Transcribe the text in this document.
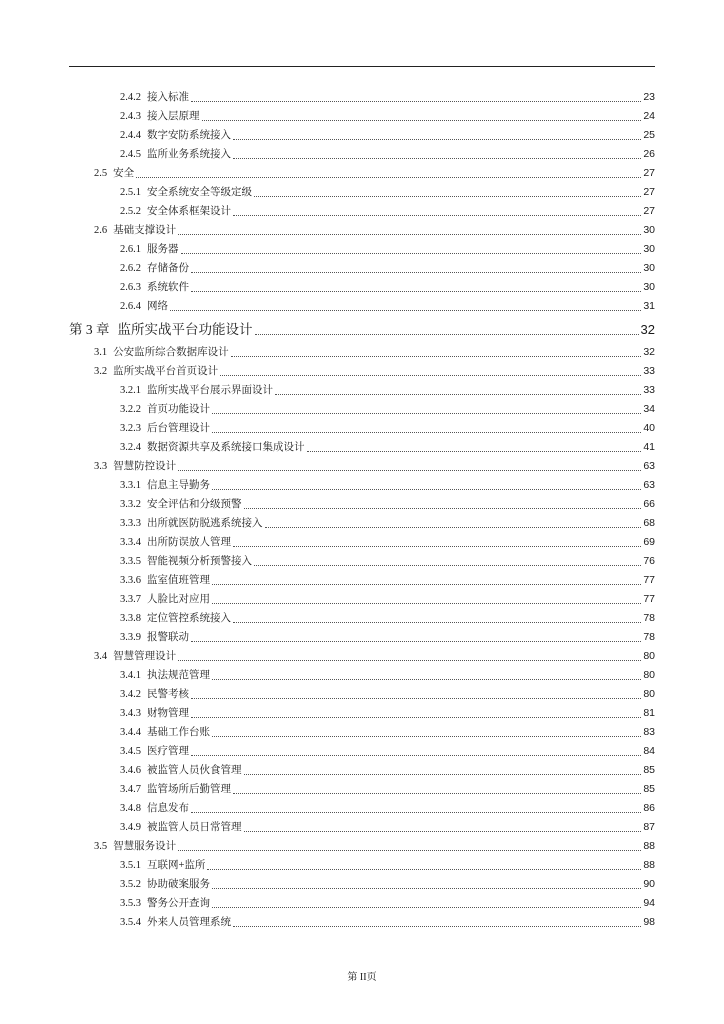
2.4.2 接入标准	23
2.4.3 接入层原理	24
2.4.4 数字安防系统接入	25
2.4.5 监所业务系统接入	26
2.5 安全	27
2.5.1 安全系统安全等级定级	27
2.5.2 安全体系框架设计	27
2.6 基础支撑设计	30
2.6.1 服务器	30
2.6.2 存储备份	30
2.6.3 系统软件	30
2.6.4 网络	31
第 3 章 监所实战平台功能设计	32
3.1 公安监所综合数据库设计	32
3.2 监所实战平台首页设计	33
3.2.1 监所实战平台展示界面设计	33
3.2.2 首页功能设计	34
3.2.3 后台管理设计	40
3.2.4 数据资源共享及系统接口集成设计	41
3.3 智慧防控设计	63
3.3.1 信息主导勤务	63
3.3.2 安全评估和分级预警	66
3.3.3 出所就医防脱逃系统接入	68
3.3.4 出所防误放人管理	69
3.3.5 智能视频分析预警接入	76
3.3.6 监室值班管理	77
3.3.7 人脸比对应用	77
3.3.8 定位管控系统接入	78
3.3.9 报警联动	78
3.4 智慧管理设计	80
3.4.1 执法规范管理	80
3.4.2 民警考核	80
3.4.3 财物管理	81
3.4.4 基础工作台账	83
3.4.5 医疗管理	84
3.4.6 被监管人员伙食管理	85
3.4.7 监管场所后勤管理	85
3.4.8 信息发布	86
3.4.9 被监管人员日常管理	87
3.5 智慧服务设计	88
3.5.1 互联网+监所	88
3.5.2 协助破案服务	90
3.5.3 警务公开查询	94
3.5.4 外来人员管理系统	98
第 II页
